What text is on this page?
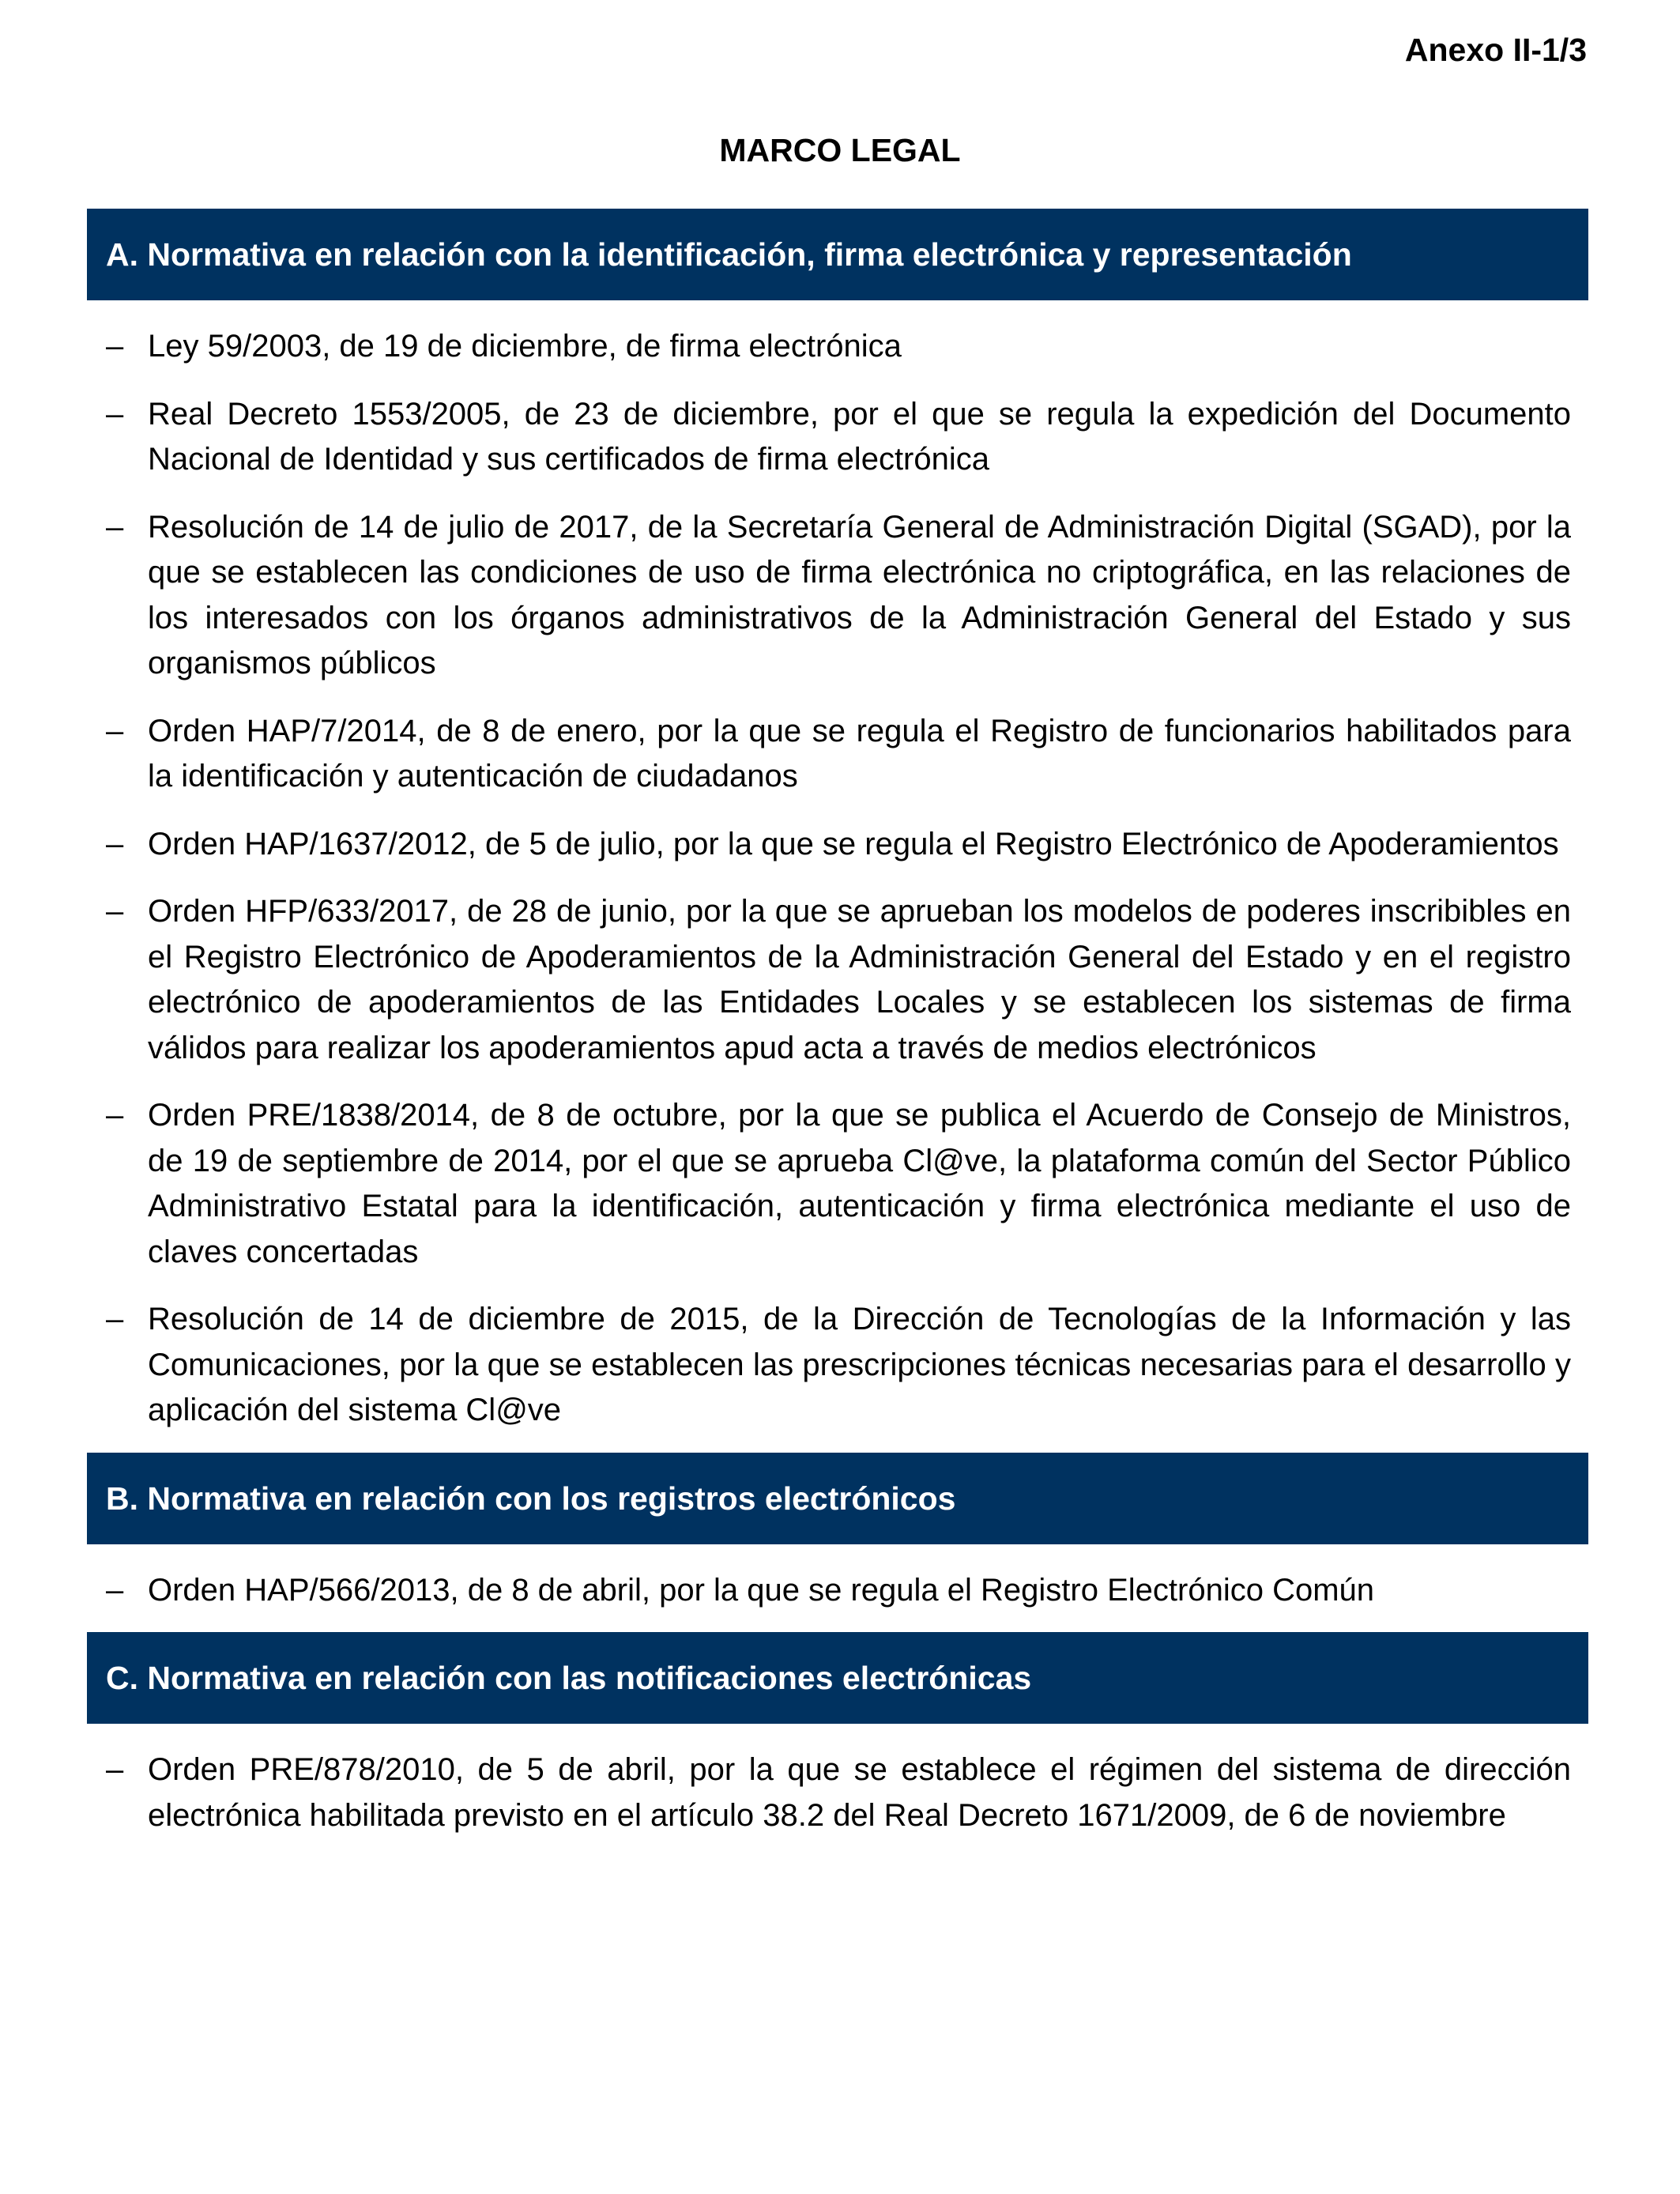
Anexo II-1/3
MARCO LEGAL
A. Normativa en relación con la identificación, firma electrónica y representación
– Ley 59/2003, de 19 de diciembre, de firma electrónica
– Real Decreto 1553/2005, de 23 de diciembre, por el que se regula la expedición del Documento Nacional de Identidad y sus certificados de firma electrónica
– Resolución de 14 de julio de 2017, de la Secretaría General de Administración Digital (SGAD), por la que se establecen las condiciones de uso de firma electrónica no criptográfica, en las relaciones de los interesados con los órganos administrativos de la Administración General del Estado y sus organismos públicos
– Orden HAP/7/2014, de 8 de enero, por la que se regula el Registro de funcionarios habilitados para la identificación y autenticación de ciudadanos
– Orden HAP/1637/2012, de 5 de julio, por la que se regula el Registro Electrónico de Apoderamientos
– Orden HFP/633/2017, de 28 de junio, por la que se aprueban los modelos de poderes inscribibles en el Registro Electrónico de Apoderamientos de la Administración General del Estado y en el registro electrónico de apoderamientos de las Entidades Locales y se establecen los sistemas de firma válidos para realizar los apoderamientos apud acta a través de medios electrónicos
– Orden PRE/1838/2014, de 8 de octubre, por la que se publica el Acuerdo de Consejo de Ministros, de 19 de septiembre de 2014, por el que se aprueba Cl@ve, la plataforma común del Sector Público Administrativo Estatal para la identificación, autenticación y firma electrónica mediante el uso de claves concertadas
– Resolución de 14 de diciembre de 2015, de la Dirección de Tecnologías de la Información y las Comunicaciones, por la que se establecen las prescripciones técnicas necesarias para el desarrollo y aplicación del sistema Cl@ve
B. Normativa en relación con los registros electrónicos
– Orden HAP/566/2013, de 8 de abril, por la que se regula el Registro Electrónico Común
C. Normativa en relación con las notificaciones electrónicas
– Orden PRE/878/2010, de 5 de abril, por la que se establece el régimen del sistema de dirección electrónica habilitada previsto en el artículo 38.2 del Real Decreto 1671/2009, de 6 de noviembre
